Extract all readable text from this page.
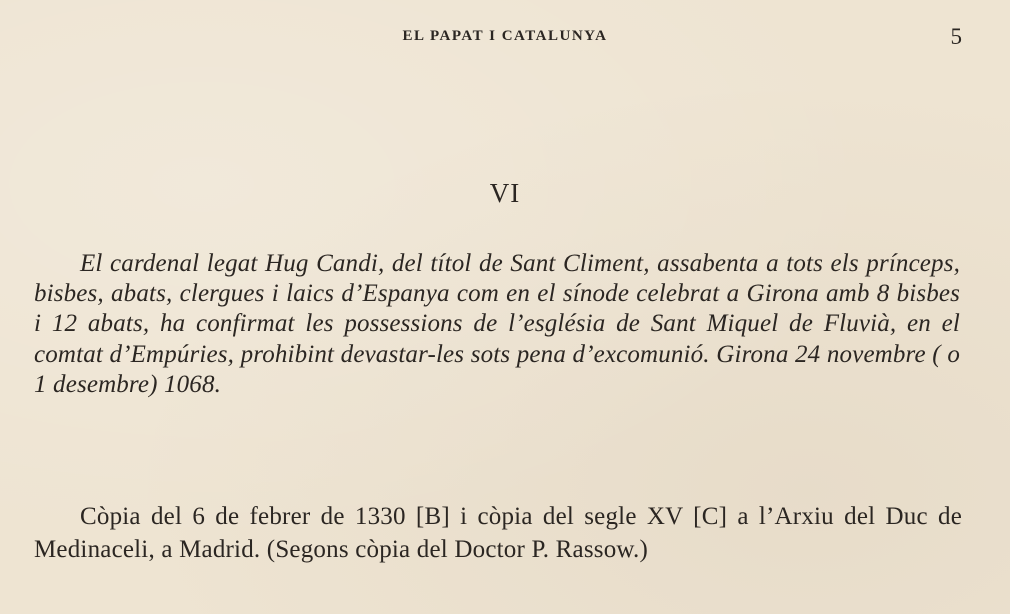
EL PAPAT I CATALUNYA	5
VI

El cardenal legat Hug Candi, del títol de Sant Climent, assabenta a tots els prínceps, bisbes, abats, clergues i laics d’Espanya com en el sínode celebrat a Girona amb 8 bisbes i 12 abats, ha confirmat les possessions de l’església de Sant Miquel de Fluvià, en el comtat d’Empúries, prohibint devastar-les sots pena d’excomunió. Girona 24 novembre ( o 1 desembre) 1068.

Còpia del 6 de febrer de 1330 [B] i còpia del segle XV [C] a l’Arxiu del Duc de Medinaceli, a Madrid. (Segons còpia del Doctor P. Rassow.)
